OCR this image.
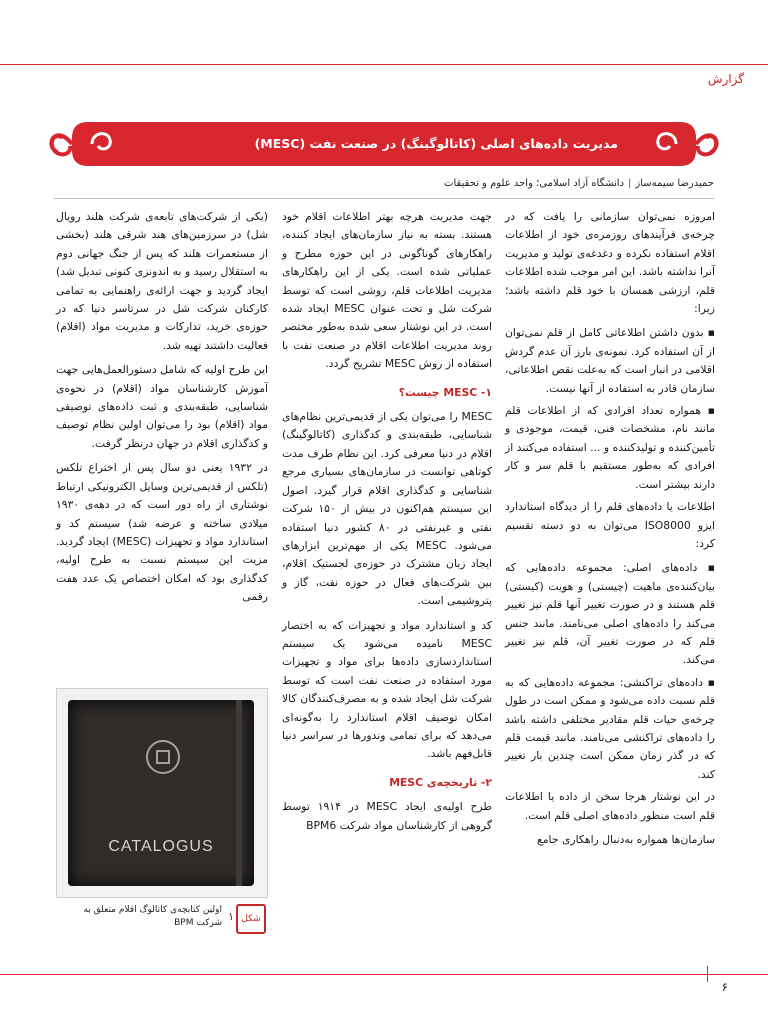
گزارش
مدیریت داده‌های اصلی (کاتالوگینگ) در صنعت نفت (MESC)
حمیدرضا سیمه‌ساز|دانشگاه آزاد اسلامی؛ واحد علوم و تحقیقات

امروزه نمی‌توان سازمانی را یافت که در چرخه‌ی فرآیندهای روزمره‌ی خود از اطلاعات اقلام استفاده نکرده و دغدغه‌ی تولید و مدیریت آنرا نداشته باشد. این امر موجب شده اطلاعات قلم، ارزشی همسان با خود قلم داشته باشد؛ زیرا:

▪ بدون داشتن اطلاعاتی کامل از قلم نمی‌توان از آن استفاده کرد. نمونه‌ی بارز آن عدم گردش اقلامی در انبار است که به‌علت نقص اطلاعاتی، سازمان قادر به استفاده از آنها نیست.

▪ همواره تعداد افرادی که از اطلاعات قلم مانند نام، مشخصات فنی، قیمت، موجودی و تأمین‌کننده و تولیدکننده و ... استفاده می‌کنند از افرادی که به‌طور مستقیم با قلم سر و کار دارند بیشتر است.

اطلاعات یا داده‌های قلم را از دیدگاه استاندارد ایزو ISO8000 می‌توان به دو دسته تقسیم کرد:

▪ داده‌های اصلی: مجموعه داده‌هایی که بیان‌کننده‌ی ماهیت (چیستی) و هویت (کیستی) قلم هستند و در صورت تغییر آنها قلم نیز تغییر می‌کند را داده‌های اصلی می‌نامند. مانند جنس قلم که در صورت تغییر آن، قلم نیز تغییر می‌کند.

▪ داده‌های تراکنشی: مجموعه داده‌هایی که به قلم نسبت داده می‌شود و ممکن است در طول چرخه‌ی حیات قلم مقادیر مختلفی داشته باشد را داده‌های تراکنشی می‌نامند. مانند قیمت قلم که در گذر زمان ممکن است چندین بار تغییر کند.

در این نوشتار هرجا سخن از داده یا اطلاعات قلم است منظور داده‌های اصلی قلم است.

سازمان‌ها همواره به‌دنبال راهکاری جامع

جهت مدیریت هرچه بهتر اطلاعات اقلام خود هستند. بسته به نیاز سازمان‌های ایجاد کننده، راهکارهای گوناگونی در این حوزه مطرح و عملیاتی شده است. یکی از این راهکارهای مدیریت اطلاعات قلم، روشی است که توسط شرکت شل و تحت عنوان MESC ایجاد شده است. در این نوشتار سعی شده به‌طور مختصر روند مدیریت اطلاعات اقلام در صنعت نفت با استفاده از روش MESC تشریح گردد.

۱- MESC چیست؟

MESC را می‌توان یکی از قدیمی‌ترین نظام‌های شناسایی، طبقه‌بندی و کدگذاری (کاتالوگینگ) اقلام در دنیا معرفی کرد. این نظام طرف مدت کوتاهی توانست در سازمان‌های بسیاری مرجع شناسایی و کدگذاری اقلام قرار گیرد. اصول این سیستم هم‌اکنون در بیش از ۱۵۰ شرکت نفتی و غیرنفتی در ۸۰ کشور دنیا استفاده می‌شود. MESC یکی از مهم‌ترین ابزارهای ایجاد زبان مشترک در حوزه‌ی لجستیک اقلام، بین شرکت‌های فعال در حوزه نفت، گاز و پتروشیمی است.

کد و استاندارد مواد و تجهیزات که به اختصار MESC نامیده می‌شود یک سیستم استانداردسازی داده‌ها برای مواد و تجهیزات مورد استفاده در صنعت نفت است که توسط شرکت شل ایجاد شده و به مصرف‌کنندگان کالا امکان توصیف اقلام استاندارد را به‌گونه‌ای می‌دهد که برای تمامی وندورها در سراسر دنیا قابل‌فهم باشد.

۲- تاریخچه‌ی MESC

طرح اولیه‌ی ایجاد MESC در ۱۹۱۴ توسط گروهی از کارشناسان مواد شرکت BPM6

(یکی از شرکت‌های تابعه‌ی شرکت هلند رویال شل) در سرزمین‌های هند شرقی هلند (بخشی از مستعمرات هلند که پس از جنگ جهانی دوم به استقلال رسید و به اندونزی کنونی تبدیل شد) ایجاد گردید و جهت ارائه‌ی راهنمایی به تمامی کارکنان شرکت شل در سرتاسر دنیا که در حوزه‌ی خرید، تدارکات و مدیریت مواد (اقلام) فعالیت داشتند تهیه شد.

این طرح اولیه که شامل دستورالعمل‌هایی جهت آموزش کارشناسان مواد (اقلام) در نحوه‌ی شناسایی، طبقه‌بندی و ثبت داده‌های توصیفی مواد (اقلام) بود را می‌توان اولین نظام توصیف و کدگذاری اقلام در جهان درنظر گرفت.

در ۱۹۳۲ یعنی دو سال پس از اختراع تلکس (تلکس از قدیمی‌ترین وسایل الکترونیکی ارتباط نوشتاری از راه دور است که در دهه‌ی ۱۹۳۰ میلادی ساخته و عرضه شد) سیستم کد و استاندارد مواد و تجهیزات (MESC) ایجاد گردید. مزیت این سیستم نسبت به طرح اولیه، کدگذاری بود که امکان اختصاص یک عدد هفت رقمی

CATALOGUS
شکل
۱
اولین کتابچه‌ی کاتالوگ اقلام متعلق به شرکت BPM
۶
